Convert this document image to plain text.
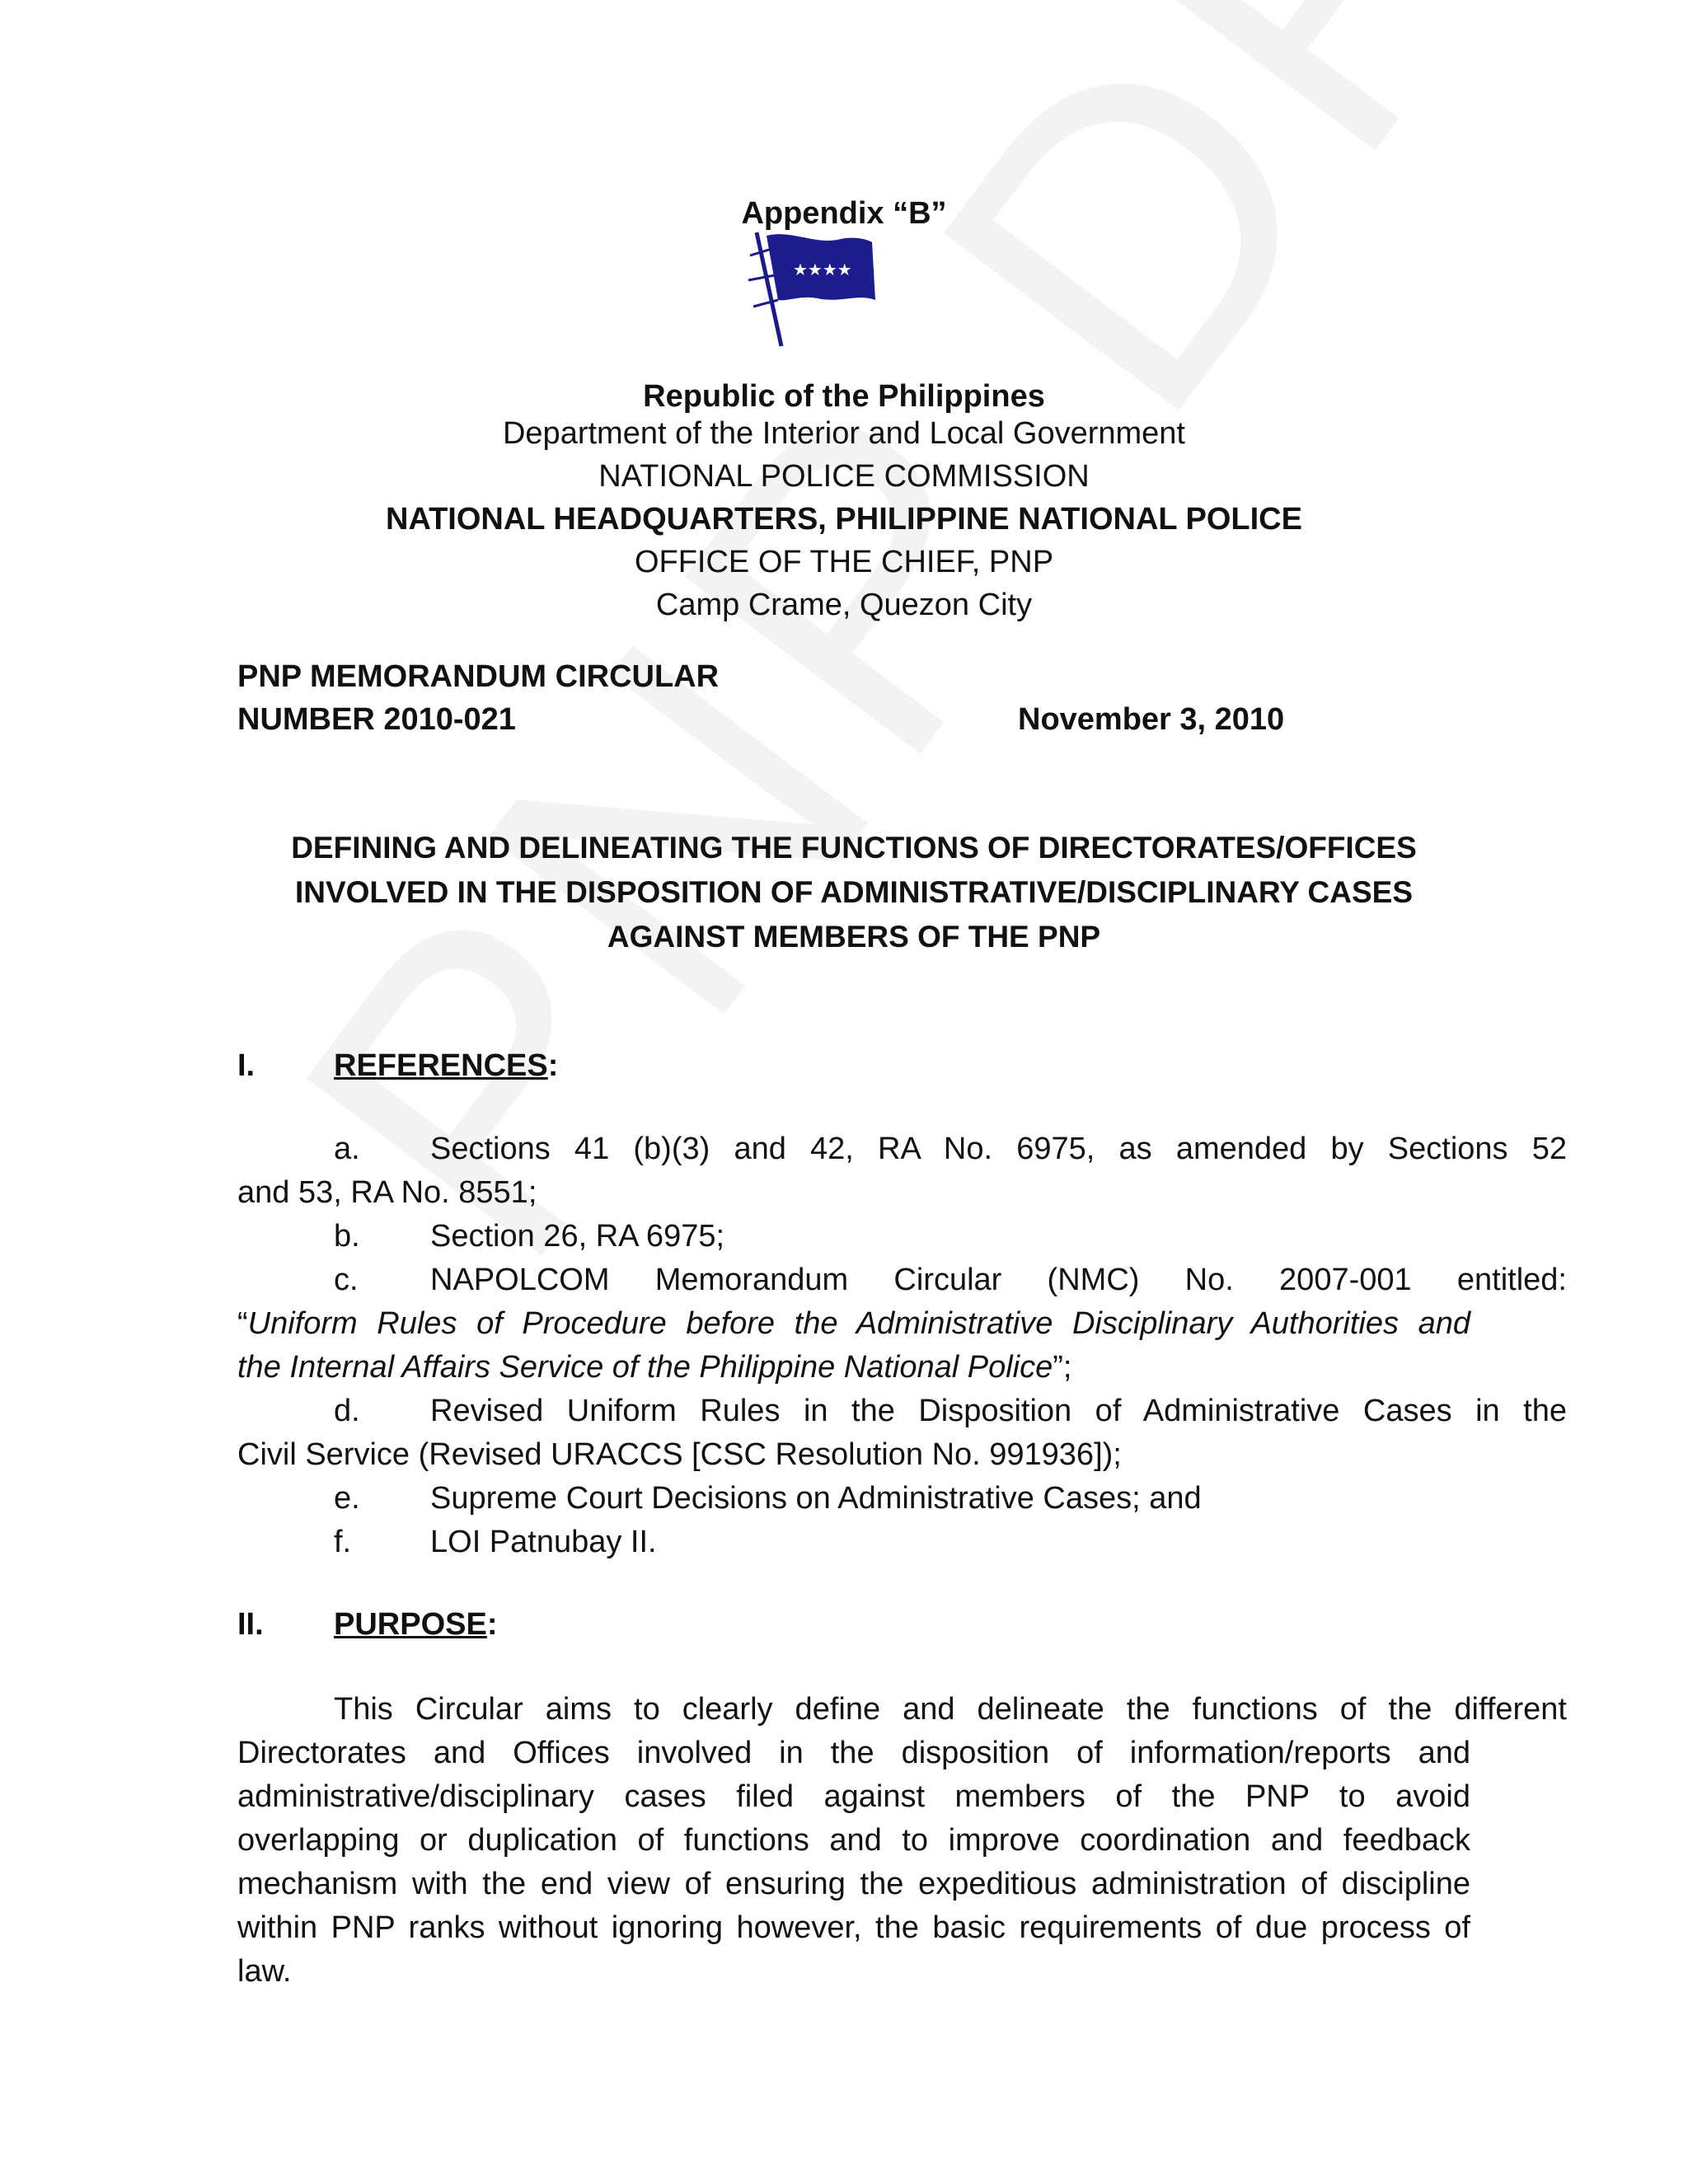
Appendix “B”
★★★★
Republic of the Philippines
Department of the Interior and Local Government
NATIONAL POLICE COMMISSION
NATIONAL HEADQUARTERS, PHILIPPINE NATIONAL POLICE
OFFICE OF THE CHIEF, PNP
Camp Crame, Quezon City
PNP MEMORANDUM CIRCULAR
NUMBER 2010-021	November 3, 2010
DEFINING AND DELINEATING THE FUNCTIONS OF DIRECTORATES/OFFICES
INVOLVED IN THE DISPOSITION OF ADMINISTRATIVE/DISCIPLINARY CASES
AGAINST MEMBERS OF THE PNP
I.	REFERENCES:
a. Sections 41 (b)(3) and 42, RA No. 6975, as amended by Sections 52
and 53, RA No. 8551;
b. Section 26, RA 6975;
c. NAPOLCOM Memorandum Circular (NMC) No. 2007-001 entitled:
“Uniform Rules of Procedure before the Administrative Disciplinary Authorities and
the Internal Affairs Service of the Philippine National Police”;
d. Revised Uniform Rules in the Disposition of Administrative Cases in the
Civil Service (Revised URACCS [CSC Resolution No. 991936]);
e. Supreme Court Decisions on Administrative Cases; and
f.	LOI Patnubay II.
II. PURPOSE:
This Circular aims to clearly define and delineate the functions of the different
Directorates and Offices involved in the disposition of information/reports and
administrative/disciplinary cases filed against members of the PNP to avoid
overlapping or duplication of functions and to improve coordination and feedback
mechanism with the end view of ensuring the expeditious administration of discipline
within PNP ranks without ignoring however, the basic requirements of due process of
law.
